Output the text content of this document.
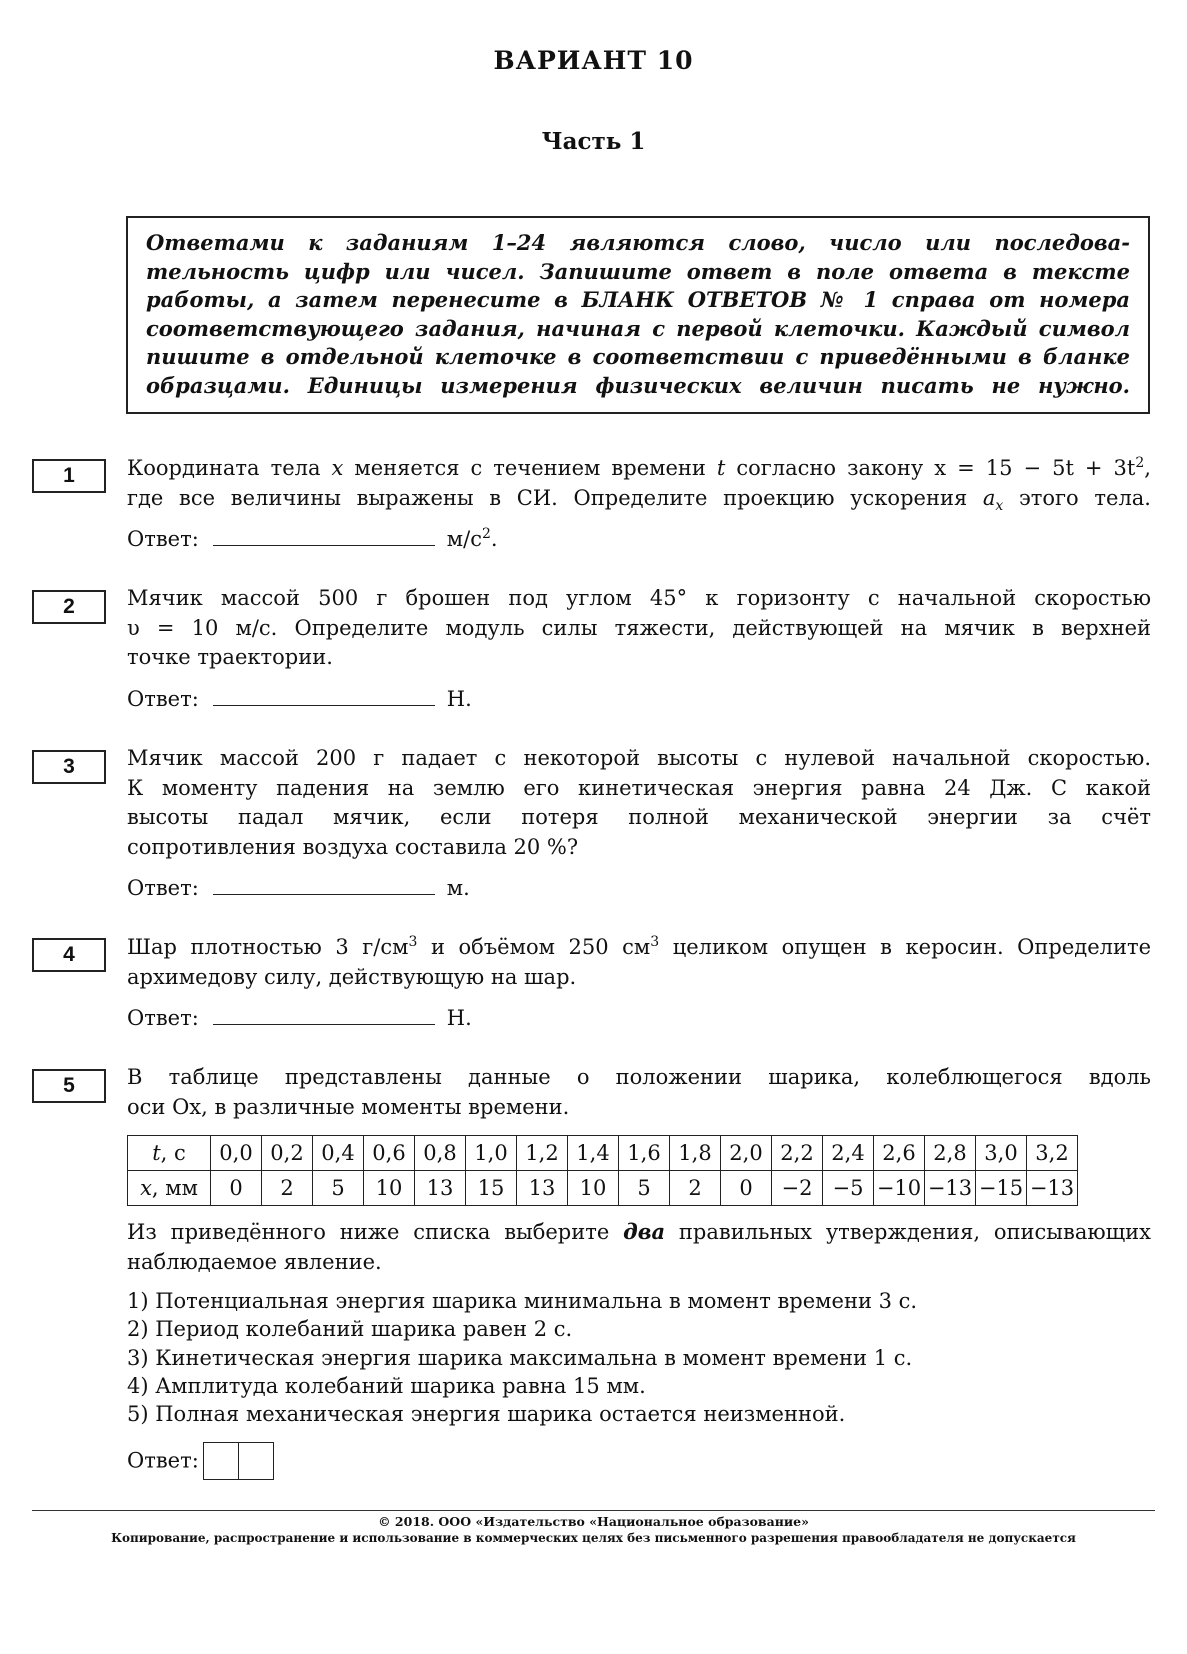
ВАРИАНТ 10
Часть 1
Ответами к заданиям 1–24 являются слово, число или последова-
тельность цифр или чисел. Запишите ответ в поле ответа в тексте
работы, а затем перенесите в БЛАНК ОТВЕТОВ № 1 справа от номера
соответствующего задания, начиная с первой клеточки. Каждый символ
пишите в отдельной клеточке в соответствии с приведёнными в бланке
образцами. Единицы измерения физических величин писать не нужно.
1	Координата тела x меняется с течением времени t согласно закону $x = 15 - 5t + 3t^2$,
где все величины выражены в СИ. Определите проекцию ускорения $a_x$ этого тела.
Ответ:	$м/с^2$.
2	Мячик массой 500 г брошен под углом 45° к горизонту с начальной скоростью
υ = 10 м/с. Определите модуль силы тяжести, действующей на мячик в верхней
точке траектории.
Ответ:	Н.
3	Мячик массой 200 г падает с некоторой высоты с нулевой начальной скоростью.
К моменту падения на землю его кинетическая энергия равна 24 Дж. С какой
высоты падал мячик, если потеря полной механической энергии за счёт
сопротивления воздуха составила 20 %?
Ответ:	м.
4	Шар плотностью 3 $г/см^3$ и объёмом 250 $см^3$ целиком опущен в керосин. Определите
архимедову силу, действующую на шар.
Ответ:	Н.
5	В таблице представлены данные о положении шарика, колеблющегося вдоль
оси Ox, в различные моменты времени.
t, с	0,0	0,2	0,4	0,6	0,8	1,0	1,2	1,4	1,6	1,8	2,0	2,2	2,4	2,6	2,8	3,0	3,2
x, мм	0	2	5	10	13	15	13	10	5	2	0	−2	−5	−10	−13	−15	−13
Из приведённого ниже списка выберите два правильных утверждения, описывающих
наблюдаемое явление.
1) Потенциальная энергия шарика минимальна в момент времени 3 с.
2) Период колебаний шарика равен 2 с.
3) Кинетическая энергия шарика максимальна в момент времени 1 с.
4) Амплитуда колебаний шарика равна 15 мм.
5) Полная механическая энергия шарика остается неизменной.
Ответ:
© 2018. ООО «Издательство «Национальное образование»
Копирование, распространение и использование в коммерческих целях без письменного разрешения правообладателя не допускается
